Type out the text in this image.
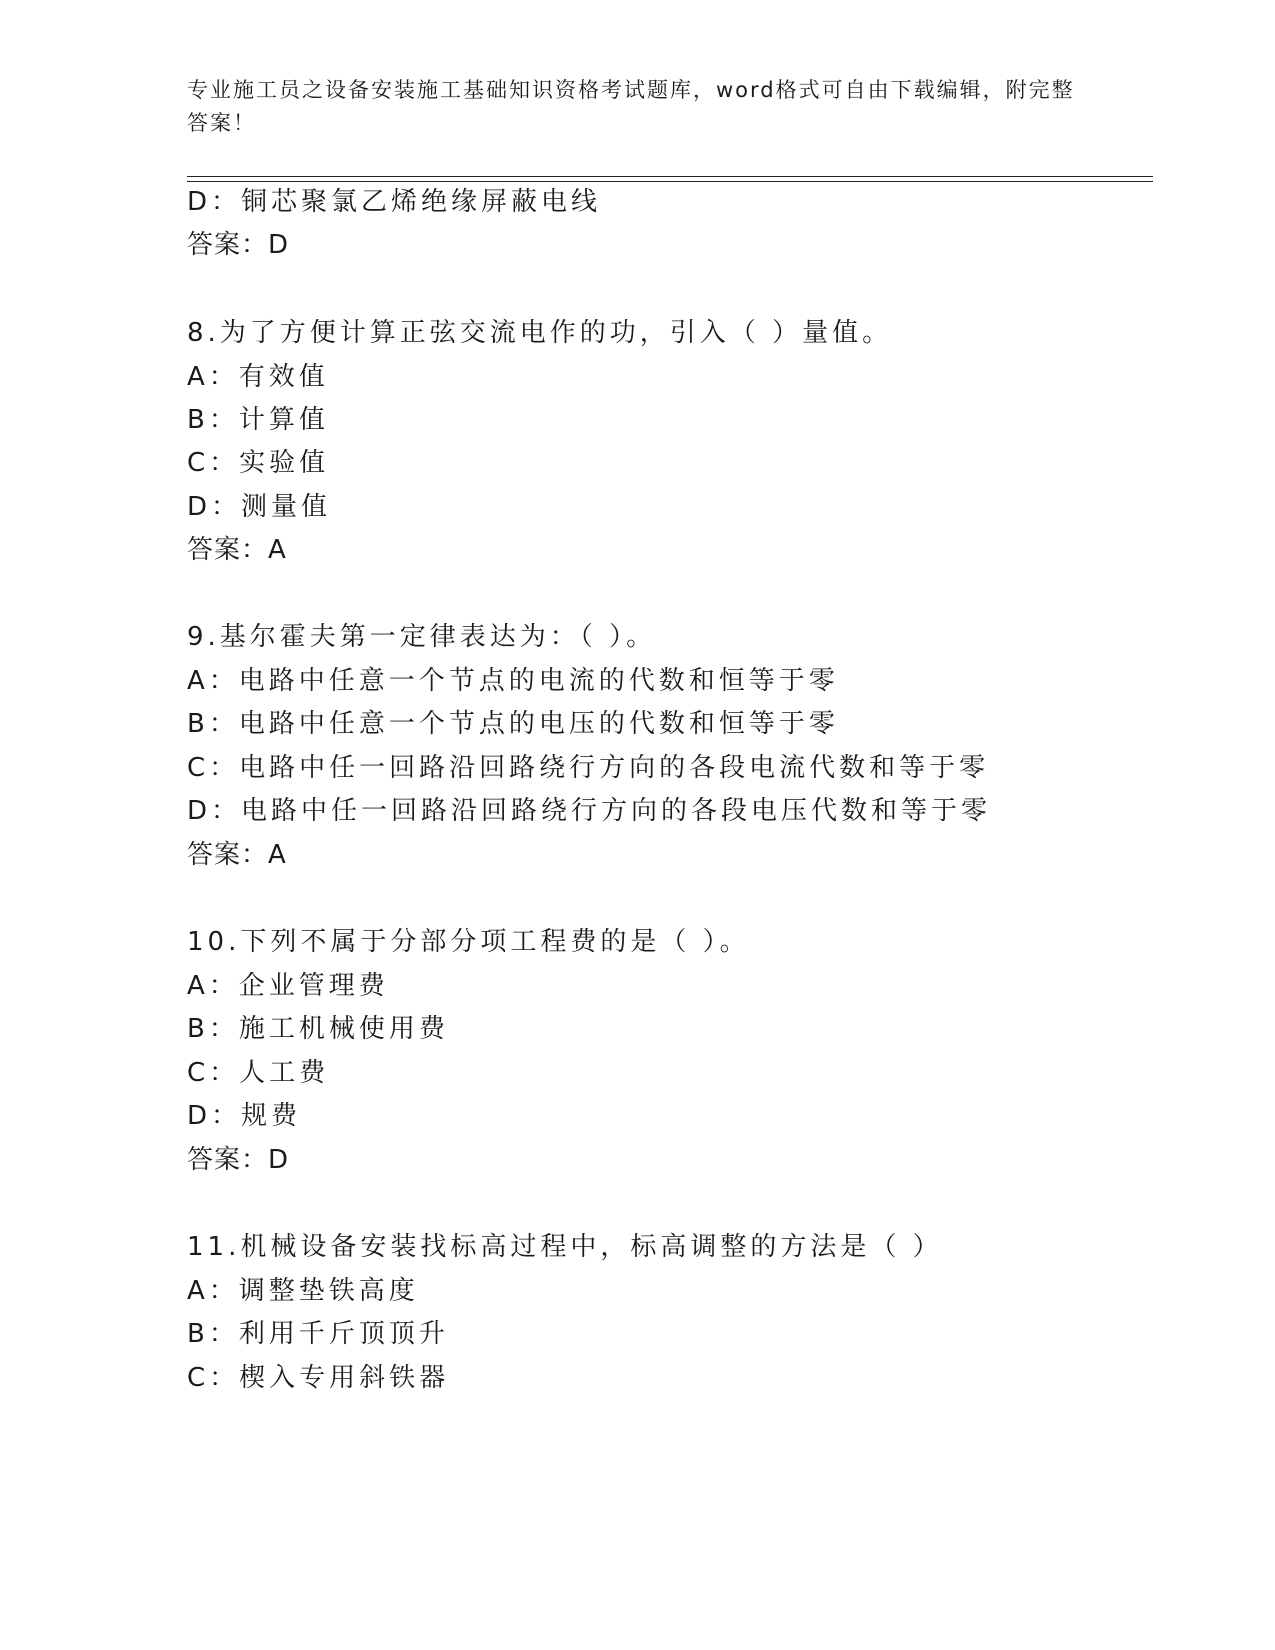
专业施工员之设备安装施工基础知识资格考试题库，word格式可自由下载编辑，附完整答案！

D：铜芯聚氯乙烯绝缘屏蔽电线
答案：D
8.为了方便计算正弦交流电作的功，引入（ ）量值。
A：有效值
B：计算值
C：实验值
D：测量值
答案：A
9.基尔霍夫第一定律表达为：（ ）。
A：电路中任意一个节点的电流的代数和恒等于零
B：电路中任意一个节点的电压的代数和恒等于零
C：电路中任一回路沿回路绕行方向的各段电流代数和等于零
D：电路中任一回路沿回路绕行方向的各段电压代数和等于零
答案：A
10.下列不属于分部分项工程费的是（ ）。
A：企业管理费
B：施工机械使用费
C：人工费
D：规费
答案：D
11.机械设备安装找标高过程中，标高调整的方法是（ ）
A：调整垫铁高度
B：利用千斤顶顶升
C：楔入专用斜铁器
